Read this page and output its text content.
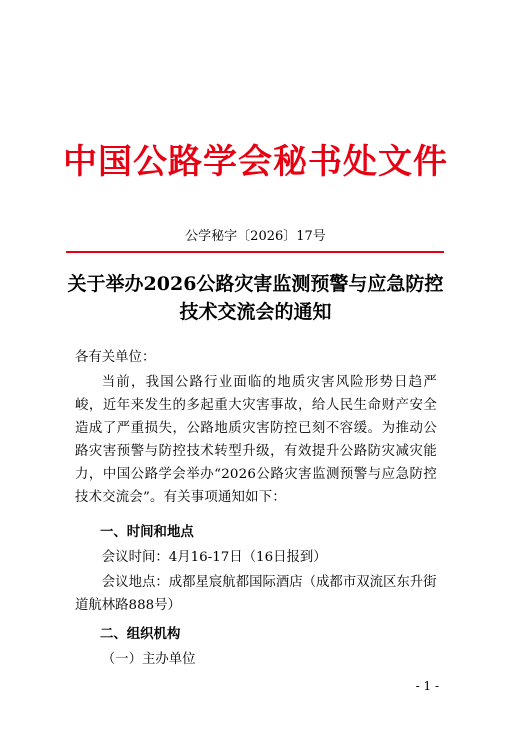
中国公路学会秘书处文件
公学秘字〔2026〕17号
关于举办2026公路灾害监测预警与应急防控
技术交流会的通知
各有关单位：
当前，我国公路行业面临的地质灾害风险形势日趋严峻，近年来发生的多起重大灾害事故，给人民生命财产安全造成了严重损失，公路地质灾害防控已刻不容缓。为推动公路灾害预警与防控技术转型升级，有效提升公路防灾减灾能力，中国公路学会举办“2026公路灾害监测预警与应急防控技术交流会”。有关事项通知如下：
一、时间和地点
会议时间：4月16-17日（16日报到）
会议地点：成都星宸航都国际酒店（成都市双流区东升街道航林路888号）
二、组织机构
（一）主办单位
- 1 -
